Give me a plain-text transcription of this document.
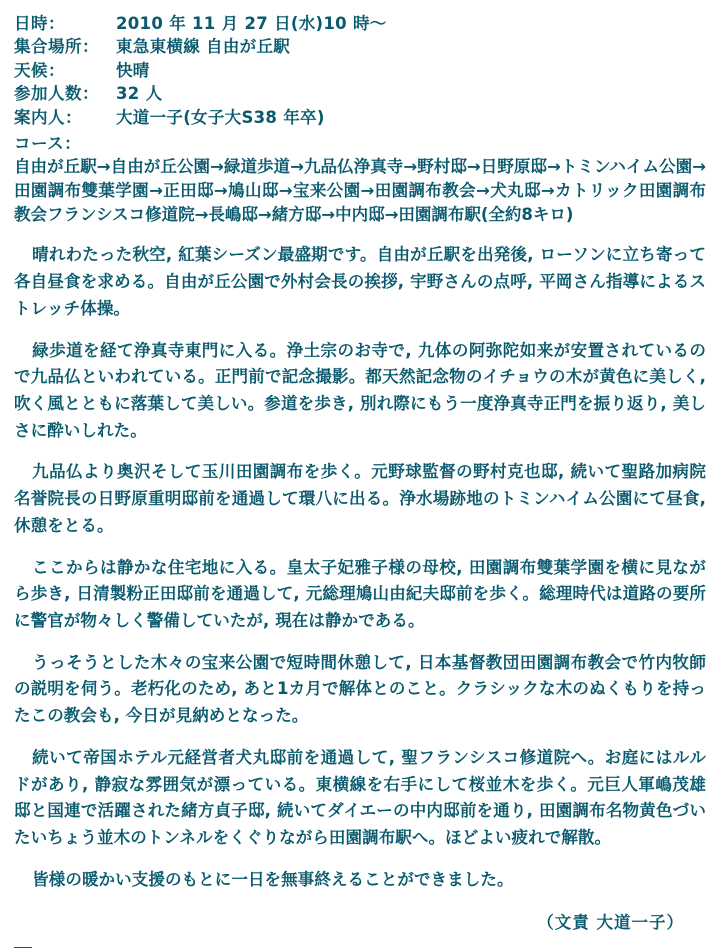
日時：	2010 年 11 月 27 日(水)10 時～
集合場所：	東急東横線 自由が丘駅
天候：	快晴
参加人数：	32 人
案内人：	大道一子(女子大S38 年卒)
コース：
自由が丘駅→自由が丘公園→緑道歩道→九品仏浄真寺→野村邸→日野原邸→トミンハイム公園→田園調布雙葉学園→正田邸→鳩山邸→宝来公園→田園調布教会→犬丸邸→カトリック田園調布教会フランシスコ修道院→長嶋邸→緒方邸→中内邸→田園調布駅(全約8キロ)
晴れわたった秋空, 紅葉シーズン最盛期です。自由が丘駅を出発後, ローソンに立ち寄って各自昼食を求める。自由が丘公園で外村会長の挨拶, 宇野さんの点呼, 平岡さん指導によるストレッチ体操。
緑歩道を経て浄真寺東門に入る。浄土宗のお寺で, 九体の阿弥陀如来が安置されているので九品仏といわれている。正門前で記念撮影。都天然記念物のイチョウの木が黄色に美しく, 吹く風とともに落葉して美しい。参道を歩き, 別れ際にもう一度浄真寺正門を振り返り, 美しさに酔いしれた。
九品仏より奥沢そして玉川田園調布を歩く。元野球監督の野村克也邸, 続いて聖路加病院名誉院長の日野原重明邸前を通過して環八に出る。浄水場跡地のトミンハイム公園にて昼食, 休憩をとる。
ここからは静かな住宅地に入る。皇太子妃雅子様の母校, 田園調布雙葉学園を横に見ながら歩き, 日清製粉正田邸前を通過して, 元総理鳩山由紀夫邸前を歩く。総理時代は道路の要所に警官が物々しく警備していたが, 現在は静かである。
うっそうとした木々の宝来公園で短時間休憩して, 日本基督教団田園調布教会で竹内牧師の説明を伺う。老朽化のため, あと1カ月で解体とのこと。クラシックな木のぬくもりを持ったこの教会も, 今日が見納めとなった。
続いて帝国ホテル元経営者犬丸邸前を通過して, 聖フランシスコ修道院へ。お庭にはルルドがあり, 静寂な雰囲気が漂っている。東横線を右手にして桜並木を歩く。元巨人軍嶋茂雄邸と国連で活躍された緒方貞子邸, 続いてダイエーの中内邸前を通り, 田園調布名物黄色づいたいちょう並木のトンネルをくぐりながら田園調布駅へ。ほどよい疲れで解散。
皆様の暖かい支援のもとに一日を無事終えることができました。
（文責 大道一子）
